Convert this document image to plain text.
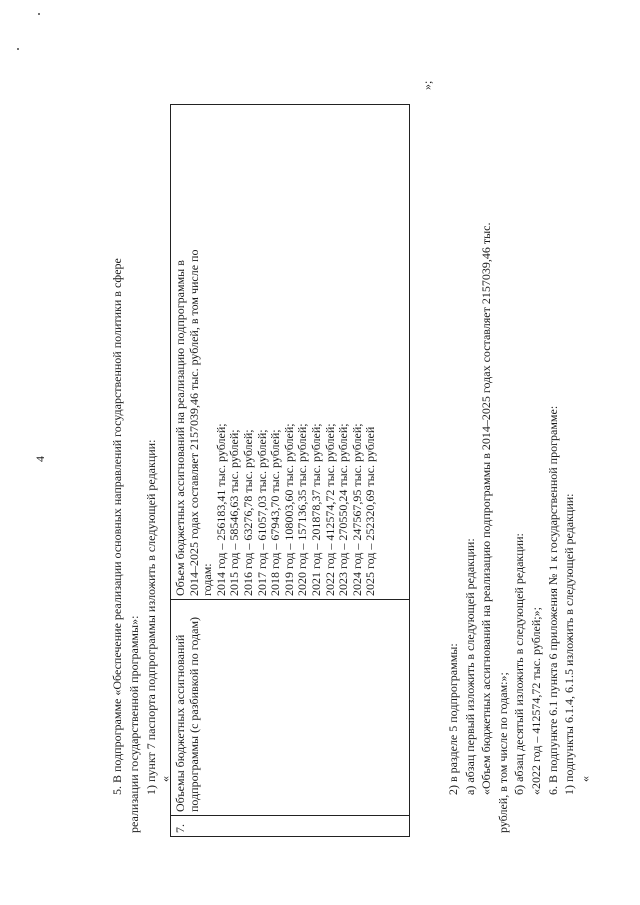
4	5. В подпрограмме «Обеспечение реализации основных направлений государственной политики в сфере реализации государственной программы»: 1) пункт 7 паспорта подпрограммы изложить в следующей редакции: «
7.
Объемы бюджетных ассигнований подпрограммы (с разбивкой по годам)
Объем бюджетных ассигнований на реализацию подпрограммы в 2014–2025 годах составляет 2157039,46 тыс. рублей, в том числе по годам: 2014 год – 256183,41 тыс. рублей; 2015 год – 58546,63 тыс. рублей; 2016 год – 63276,78 тыс. рублей; 2017 год – 61057,03 тыс. рублей; 2018 год – 67943,70 тыс. рублей; 2019 год – 108003,60 тыс. рублей; 2020 год – 157136,35 тыс. рублей; 2021 год – 201878,37 тыс. рублей; 2022 год – 412574,72 тыс. рублей; 2023 год – 270550,24 тыс. рублей; 2024 год – 247567,95 тыс. рублей; 2025 год – 252320,69 тыс. рублей
»;
2) в разделе 5 подпрограммы: а) абзац первый изложить в следующей редакции: «Объем бюджетных ассигнований на реализацию подпрограммы в 2014–2025 годах составляет 2157039,46 тыс. рублей, в том числе по годам:»; б) абзац десятый изложить в следующей редакции: «2022 год – 412574,72 тыс. рублей;»; 6. В подпункте 6.1 пункта 6 приложения № 1 к государственной программе: 1) подпункты 6.1.4, 6.1.5 изложить в следующей редакции: «
